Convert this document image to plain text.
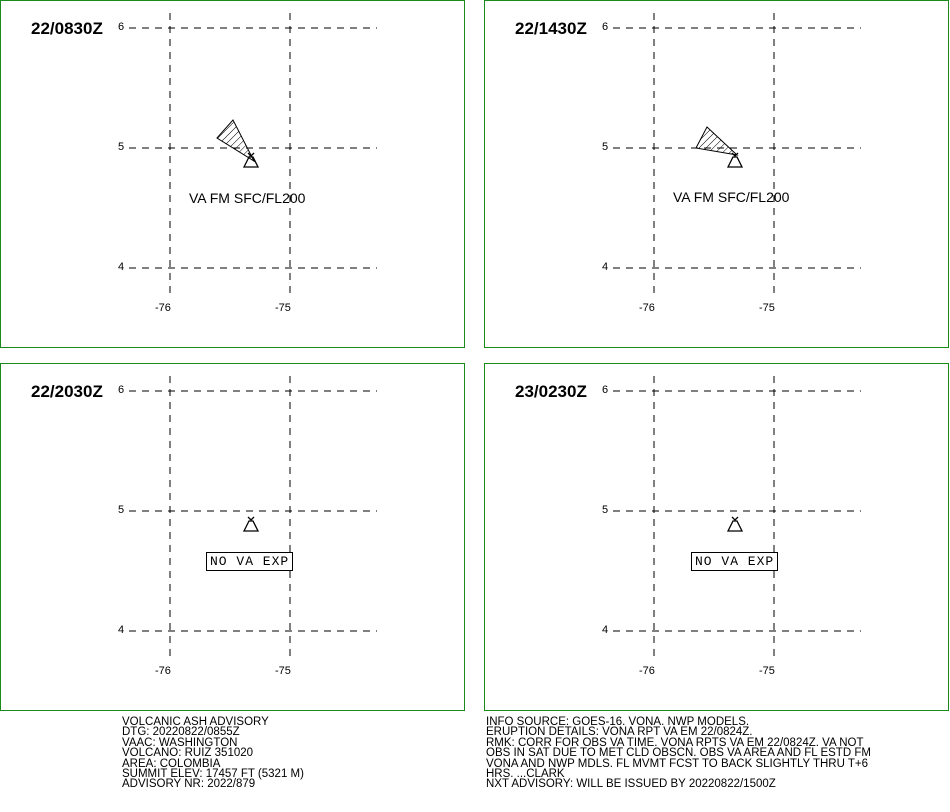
22/0830Z 6
5
4
-76	-75
VA FM SFC/FL200
22/1430Z 6
5
4
-76	-75
VA FM SFC/FL200
22/2030Z 6
5
4
-76	-75
NO VA EXP
23/0230Z 6
5
4
-76	-75
NO VA EXP
VOLCANIC ASH ADVISORY
DTG: 20220822/0855Z
VAAC: WASHINGTON
VOLCANO: RUIZ 351020
AREA: COLOMBIA
SUMMIT ELEV: 17457 FT (5321 M)
ADVISORY NR: 2022/879
INFO SOURCE: GOES-16. VONA. NWP MODELS.
ERUPTION DETAILS: VONA RPT VA EM 22/0824Z.
RMK: CORR FOR OBS VA TIME. VONA RPTS VA EM 22/0824Z. VA NOT
OBS IN SAT DUE TO MET CLD OBSCN. OBS VA AREA AND FL ESTD FM
VONA AND NWP MDLS. FL MVMT FCST TO BACK SLIGHTLY THRU T+6
HRS. ...CLARK
NXT ADVISORY: WILL BE ISSUED BY 20220822/1500Z
